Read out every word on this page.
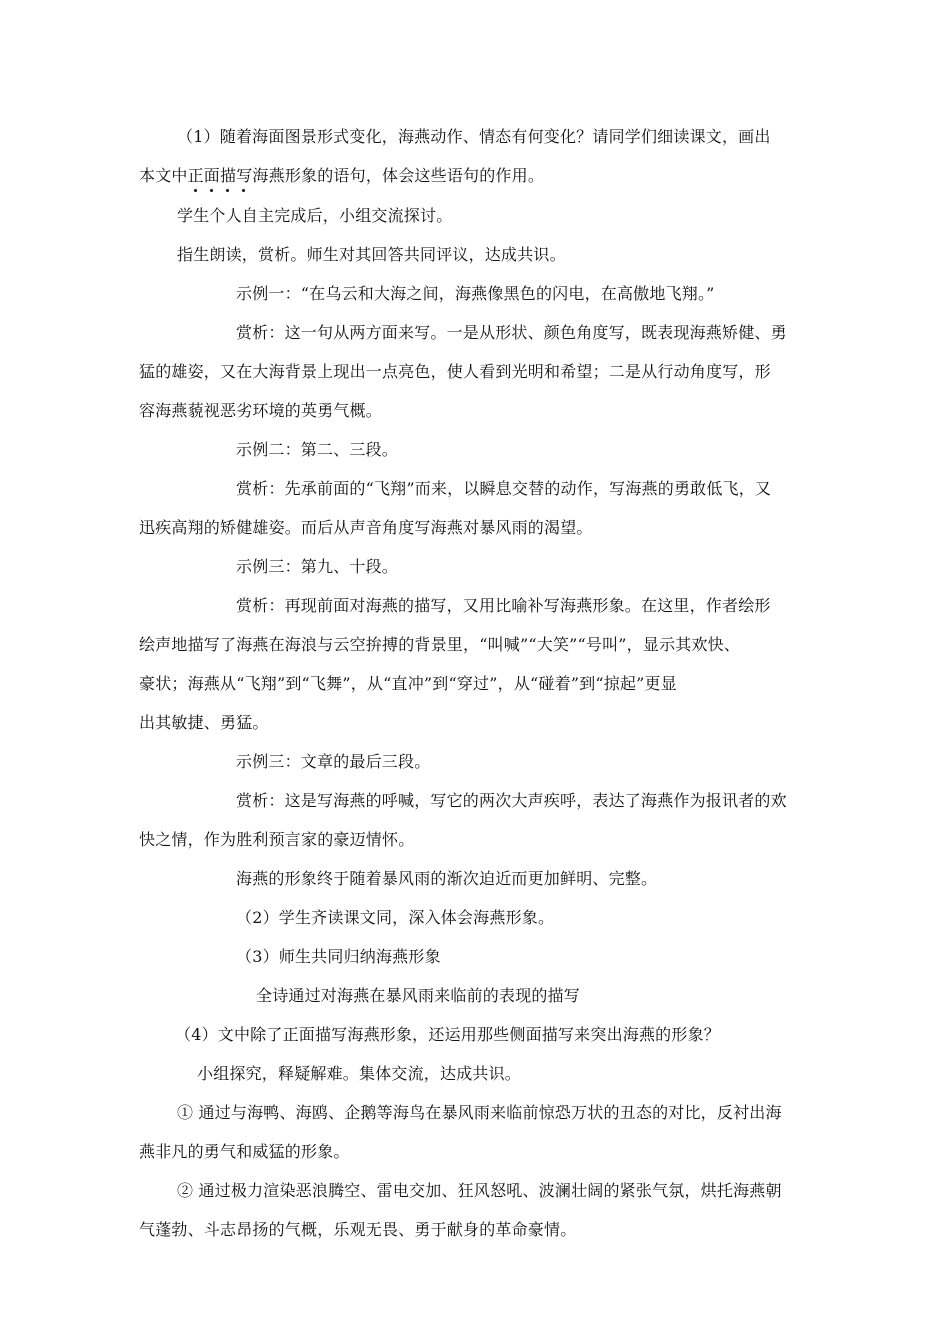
（1）随着海面图景形式变化，海燕动作、情态有何变化？请同学们细读课文，画出
本文中正面描写
海燕形象的语句，体会这些语句的作用。
学生个人自主完成后，小组交流探讨。
指生朗读，赏析。师生对其回答共同评议，达成共识。
示例一：“在乌云和大海之间，海燕像黑色的闪电，在高傲地飞翔。”
赏析：这一句从两方面来写。一是从形状、颜色角度写，既表现海燕矫健、勇
猛的雄姿，又在大海背景上现出一点亮色，使人看到光明和希望；二是从行动角度写，形
容海燕藐视恶劣环境的英勇气概。
示例二：第二、三段。
赏析：先承前面的“飞翔”而来，以瞬息交替的动作，写海燕的勇敢低飞，又
迅疾高翔的矫健雄姿。而后从声音角度写海燕对暴风雨的渴望。
示例三：第九、十段。
赏析：再现前面对海燕的描写，又用比喻补写海燕形象。在这里，作者绘形
绘声地描写了海燕在海浪与云空拚搏的背景里，“叫喊”“大笑”“号叫”，显示其欢快、
豪状；海燕从“飞翔”到“飞舞”，从“直冲”到“穿过”，从“碰着”到“掠起”更显
出其敏捷、勇猛。
示例三：文章的最后三段。
赏析：这是写海燕的呼喊，写它的两次大声疾呼，表达了海燕作为报讯者的欢
快之情，作为胜利预言家的豪迈情怀。
海燕的形象终于随着暴风雨的渐次迫近而更加鲜明、完整。
（2）学生齐读课文同，深入体会海燕形象。
（3）师生共同归纳海燕形象
全诗通过对海燕在暴风雨来临前的表现的描写
（4）文中除了正面描写海燕形象，还运用那些侧面描写来突出海燕的形象？
小组探究，释疑解难。集体交流，达成共识。
① 通过与海鸭、海鸥、企鹅等海鸟在暴风雨来临前惊恐万状的丑态的对比，反衬出海
燕非凡的勇气和威猛的形象。
② 通过极力渲染恶浪腾空、雷电交加、狂风怒吼、波澜壮阔的紧张气氛，烘托海燕朝
气蓬勃、斗志昂扬的气概，乐观无畏、勇于献身的革命豪情。
